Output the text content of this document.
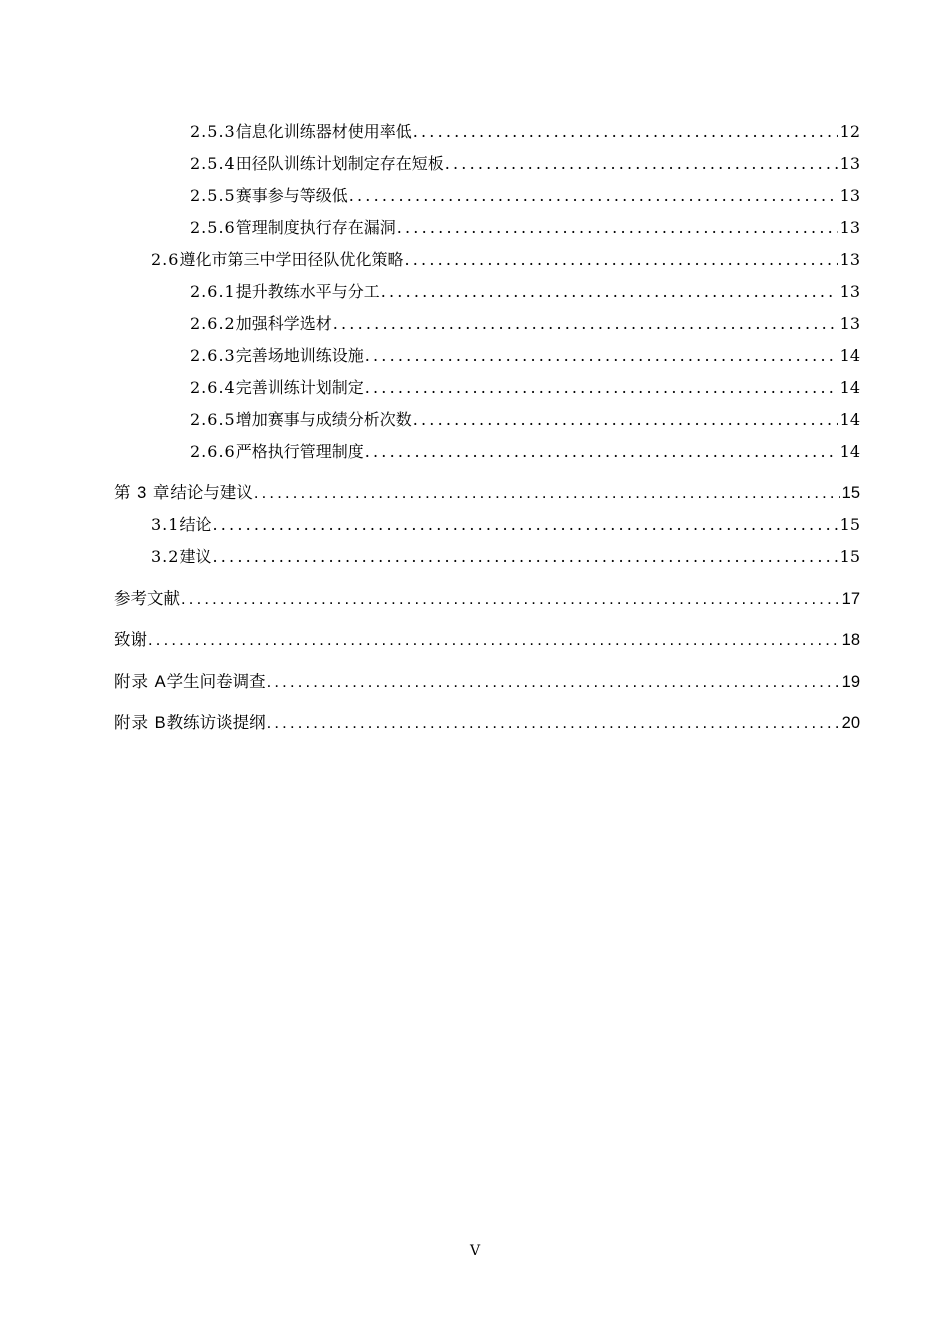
2.5.3 信息化训练器材使用率低 .....	12
2.5.4 田径队训练计划制定存在短板 .....	13
2.5.5 赛事参与等级低 .....	13
2.5.6 管理制度执行存在漏洞 .....	13
2.6 遵化市第三中学田径队优化策略 .....	13
2.6.1 提升教练水平与分工 .....	13
2.6.2 加强科学选材 .....	13
2.6.3 完善场地训练设施 .....	14
2.6.4 完善训练计划制定 .....	14
2.6.5 增加赛事与成绩分析次数 .....	14
2.6.6 严格执行管理制度 .....	14
第 3 章 结论与建议 .....	15
3.1 结论 .....	15
3.2 建议 .....	15
参考文献 .....	17
致谢 .....	18
附录 A 学生问卷调查 .....	19
附录 B 教练访谈提纲 .....	20
V
